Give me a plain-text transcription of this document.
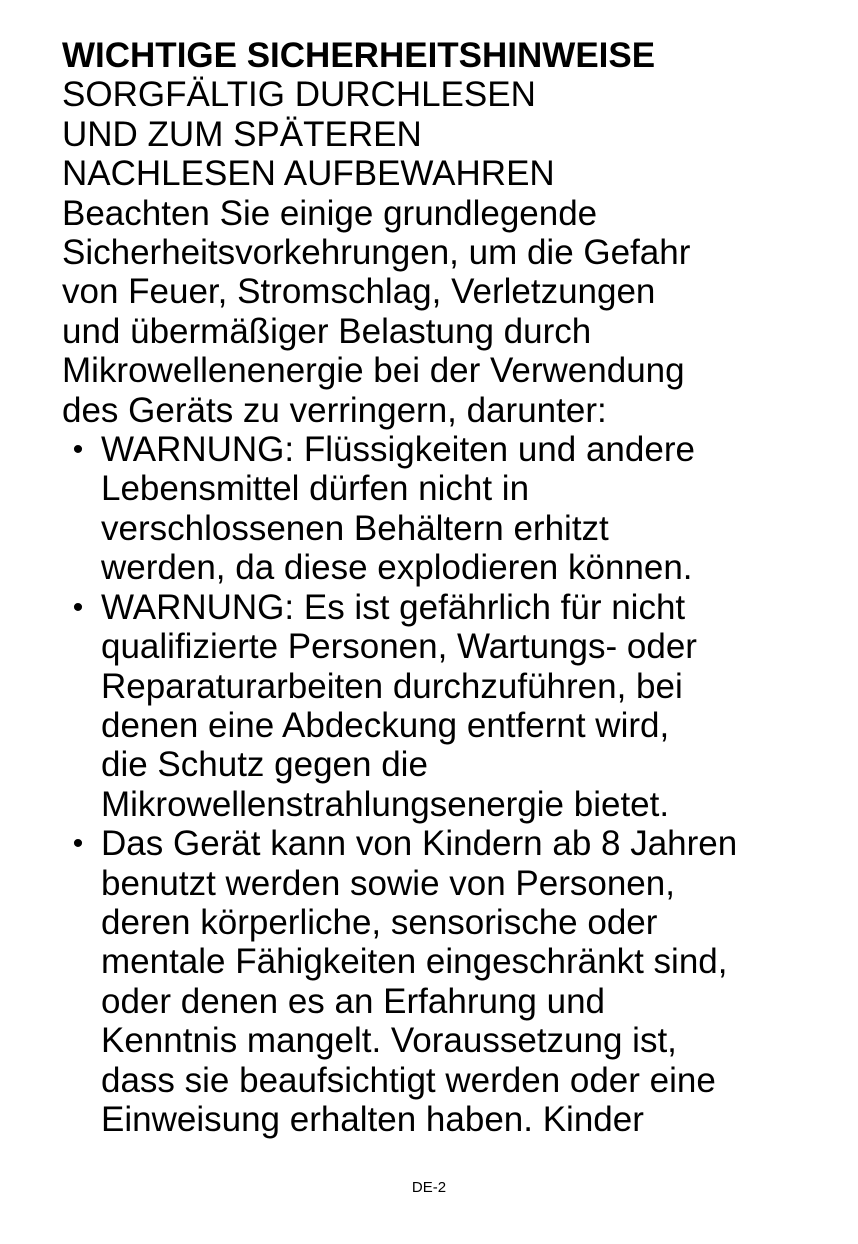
WICHTIGE SICHERHEITSHINWEISE
SORGFÄLTIG DURCHLESEN
UND ZUM SPÄTEREN
NACHLESEN AUFBEWAHREN
Beachten Sie einige grundlegende
Sicherheitsvorkehrungen, um die Gefahr
von Feuer, Stromschlag, Verletzungen
und übermäßiger Belastung durch
Mikrowellenenergie bei der Verwendung
des Geräts zu verringern, darunter:
• WARNUNG: Flüssigkeiten und andere
Lebensmittel dürfen nicht in
verschlossenen Behältern erhitzt
werden, da diese explodieren können.
• WARNUNG: Es ist gefährlich für nicht
qualifizierte Personen, Wartungs- oder
Reparaturarbeiten durchzuführen, bei
denen eine Abdeckung entfernt wird,
die Schutz gegen die
Mikrowellenstrahlungsenergie bietet.
• Das Gerät kann von Kindern ab 8 Jahren
benutzt werden sowie von Personen,
deren körperliche, sensorische oder
mentale Fähigkeiten eingeschränkt sind,
oder denen es an Erfahrung und
Kenntnis mangelt. Voraussetzung ist,
dass sie beaufsichtigt werden oder eine
Einweisung erhalten haben. Kinder
DE-2
